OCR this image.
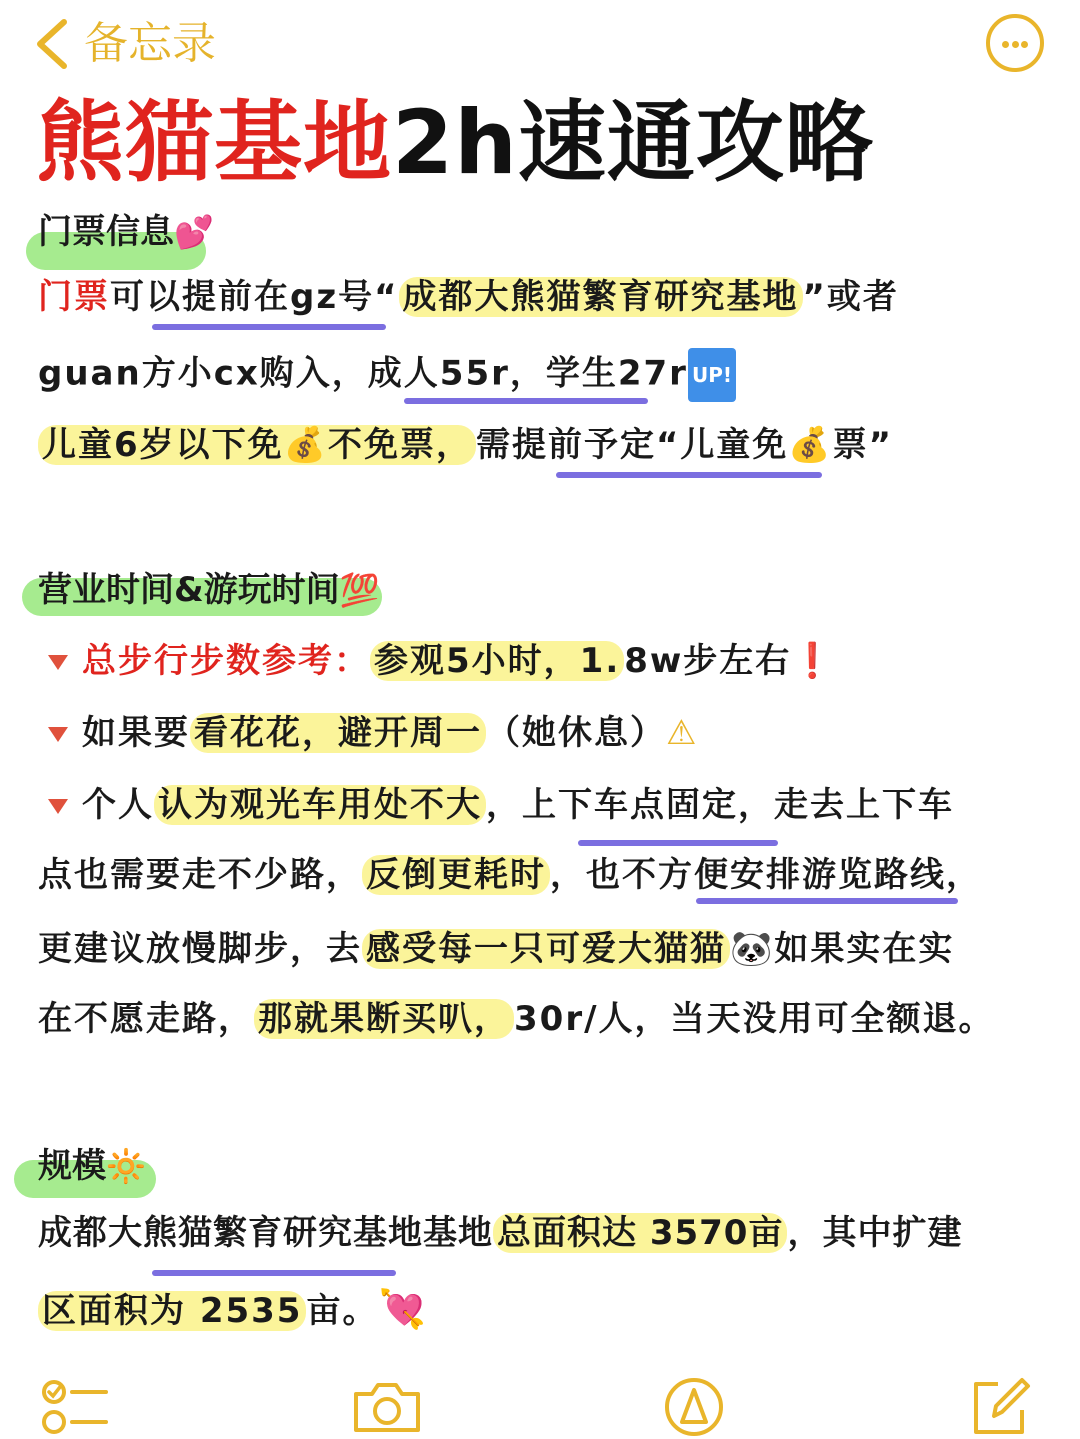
备忘录
熊猫基地2h速通攻略
门票信息💕
门票可以提前在gz号“ 成都大熊猫繁育研究基地 ”或者
guan方小cx购入，成人55r，学生27r UP!
儿童6岁以下免💰不免票， 需提前予定“儿童免💰票”
营业时间&游玩时间💯
总步行步数参考： 参观5小时，1. 8w步左右❗
如果要 看花花，避开周一 （她休息）⚠
个人 认为观光车用处不大 ，上下车点固定，走去上下车
点也需要走不少路， 反倒更耗时 ，也不方便安排游览路线，
更建议放慢脚步，去 感受每一只可爱大猫猫 🐼如果实在实
在不愿走路， 那就果断买叭， 30r/人，当天没用可全额退。
规模🔆
成都大熊猫繁育研究基地基地 总面积达 3570亩 ，其中扩建
区面积为 2535 亩。💘
